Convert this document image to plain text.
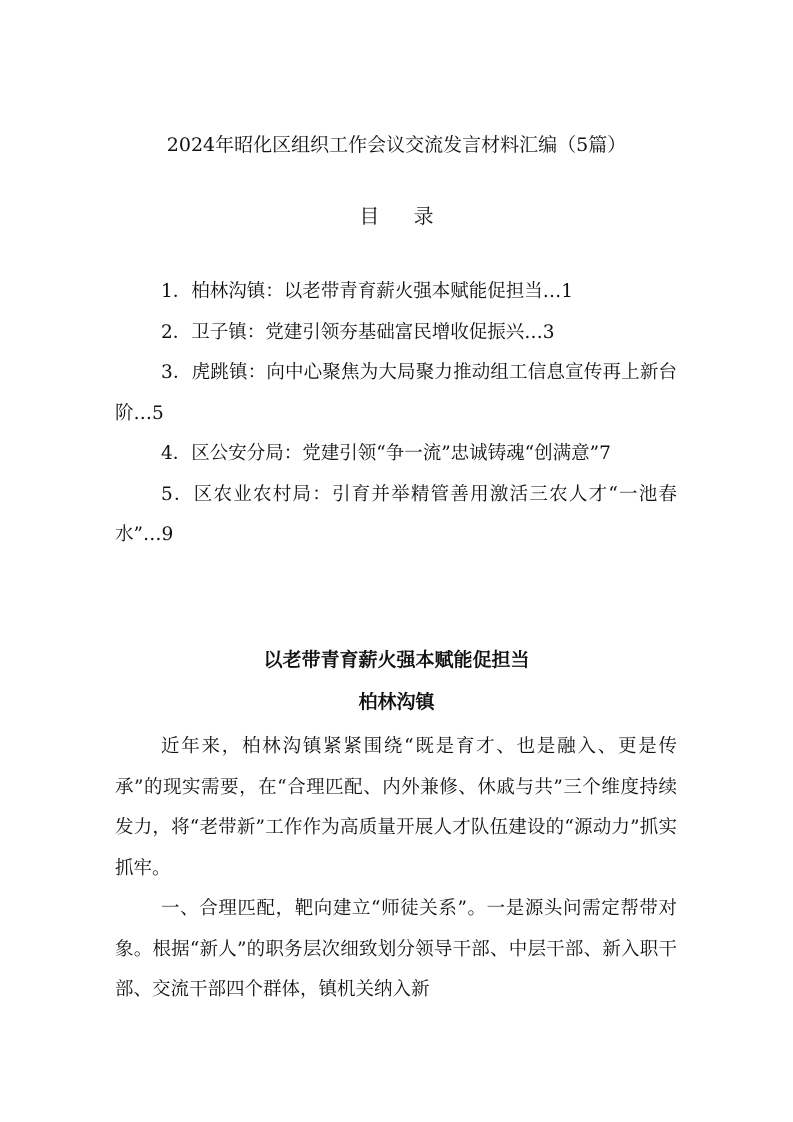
2024年昭化区组织工作会议交流发言材料汇编（5篇）
目 录
1．柏林沟镇：以老带青育薪火强本赋能促担当…1
2．卫子镇：党建引领夯基础富民增收促振兴…3
3．虎跳镇：向中心聚焦为大局聚力推动组工信息宣传再上新台阶…5
4．区公安分局：党建引领“争一流”忠诚铸魂“创满意”7
5．区农业农村局：引育并举精管善用激活三农人才“一池春水”…9
以老带青育薪火强本赋能促担当
柏林沟镇

近年来，柏林沟镇紧紧围绕“既是育才、也是融入、更是传承”的现实需要，在“合理匹配、内外兼修、休戚与共”三个维度持续发力，将“老带新”工作作为高质量开展人才队伍建设的“源动力”抓实抓牢。

一、合理匹配，靶向建立“师徒关系”。一是源头问需定帮带对象。根据“新人”的职务层次细致划分领导干部、中层干部、新入职干部、交流干部四个群体，镇机关纳入新
